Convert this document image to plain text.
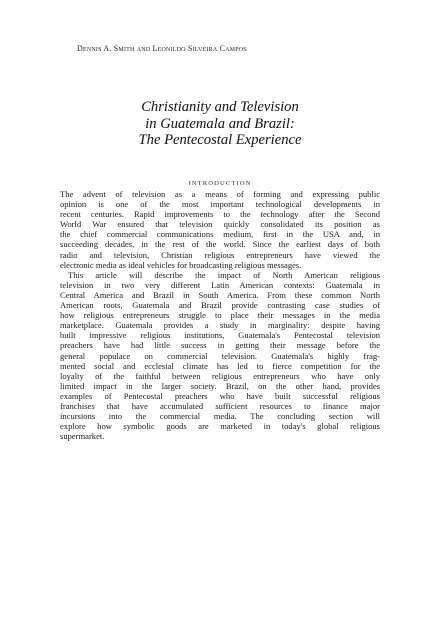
Dennis A. Smith and Leonildo Silveira Campos
Christianity and Television
in Guatemala and Brazil:
The Pentecostal Experience
INTRODUCTION
The advent of television as a means of forming and expressing public
opinion is one of the most important technological developments in
recent centuries. Rapid improvements to the technology after the Second
World War ensured that television quickly consolidated its position as
the chief commercial communications medium, first in the USA and, in
succeeding decades, in the rest of the world. Since the earliest days of both
radio and television, Christian religious entrepreneurs have viewed the
electronic media as ideal vehicles for broadcasting religious messages.
This article will describe the impact of North American religious
television in two very different Latin American contexts: Guatemala in
Central America and Brazil in South America. From these common North
American roots, Guatemala and Brazil provide contrasting case studies of
how religious entrepreneurs struggle to place their messages in the media
marketplace. Guatemala provides a study in marginality: despite having
built impressive religious institutions, Guatemala's Pentecostal television
preachers have had little success in getting their message before the
general populace on commercial television. Guatemala's highly frag-
mented social and ecclesial climate has led to fierce competition for the
loyalty of the faithful between religious entrepreneurs who have only
limited impact in the larger society. Brazil, on the other hand, provides
examples of Pentecostal preachers who have built successful religious
franchises that have accumulated sufficient resources to finance major
incursions into the commercial media. The concluding section will
explore how symbolic goods are marketed in today's global religious
supermarket.
